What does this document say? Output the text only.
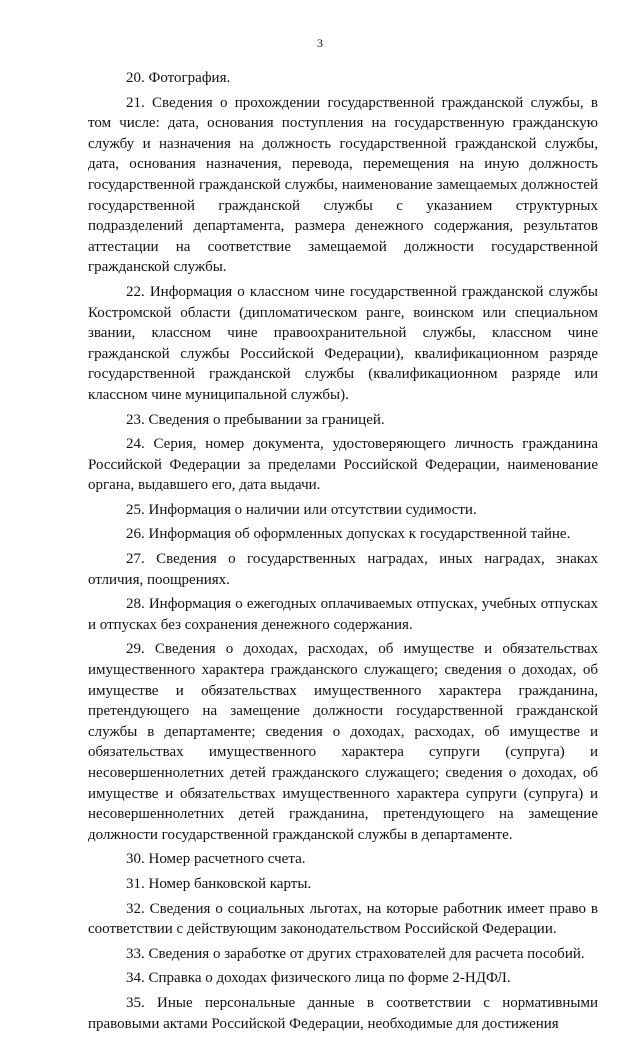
3

20. Фотография.

21. Сведения о прохождении государственной гражданской службы, в том числе: дата, основания поступления на государственную гражданскую службу и назначения на должность государственной гражданской службы, дата, основания назначения, перевода, перемещения на иную должность государственной гражданской службы, наименование замещаемых должностей государственной гражданской службы с указанием структурных подразделений департамента, размера денежного содержания, результатов аттестации на соответствие замещаемой должности государственной гражданской службы.

22. Информация о классном чине государственной гражданской службы Костромской области (дипломатическом ранге, воинском или специальном звании, классном чине правоохранительной службы, классном чине гражданской службы Российской Федерации), квалификационном разряде государственной гражданской службы (квалификационном разряде или классном чине муниципальной службы).

23. Сведения о пребывании за границей.

24. Серия, номер документа, удостоверяющего личность гражданина Российской Федерации за пределами Российской Федерации, наименование органа, выдавшего его, дата выдачи.

25. Информация о наличии или отсутствии судимости.

26. Информация об оформленных допусках к государственной тайне.

27. Сведения о государственных наградах, иных наградах, знаках отличия, поощрениях.

28. Информация о ежегодных оплачиваемых отпусках, учебных отпусках и отпусках без сохранения денежного содержания.

29. Сведения о доходах, расходах, об имуществе и обязательствах имущественного характера гражданского служащего; сведения о доходах, об имуществе и обязательствах имущественного характера гражданина, претендующего на замещение должности государственной гражданской службы в департаменте; сведения о доходах, расходах, об имуществе и обязательствах имущественного характера супруги (супруга) и несовершеннолетних детей гражданского служащего; сведения о доходах, об имуществе и обязательствах имущественного характера супруги (супруга) и несовершеннолетних детей гражданина, претендующего на замещение должности государственной гражданской службы в департаменте.

30. Номер расчетного счета.

31. Номер банковской карты.

32. Сведения о социальных льготах, на которые работник имеет право в соответствии с действующим законодательством Российской Федерации.

33. Сведения о заработке от других страхователей для расчета пособий.

34. Справка о доходах физического лица по форме 2-НДФЛ.

35. Иные персональные данные в соответствии с нормативными правовыми актами Российской Федерации, необходимые для достижения
